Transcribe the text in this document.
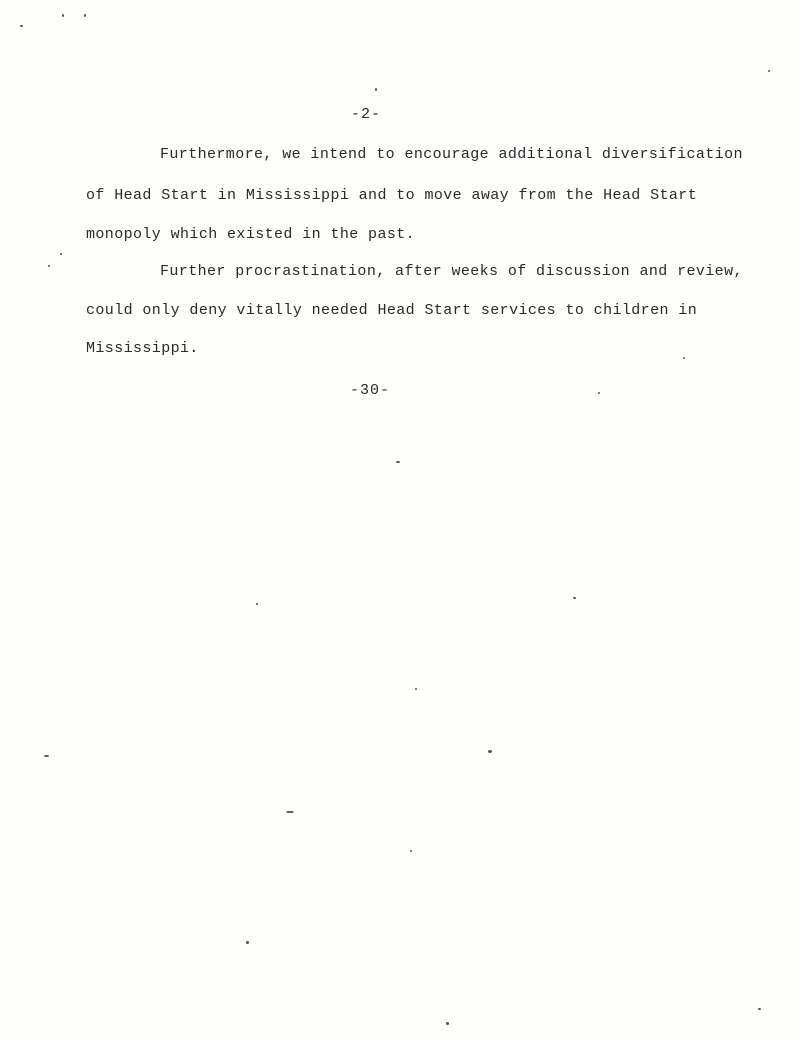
-2-
Furthermore, we intend to encourage additional diversification
of Head Start in Mississippi and to move away from the Head Start
monopoly which existed in the past.
Further procrastination, after weeks of discussion and review,
could only deny vitally needed Head Start services to children in
Mississippi.
-30-
